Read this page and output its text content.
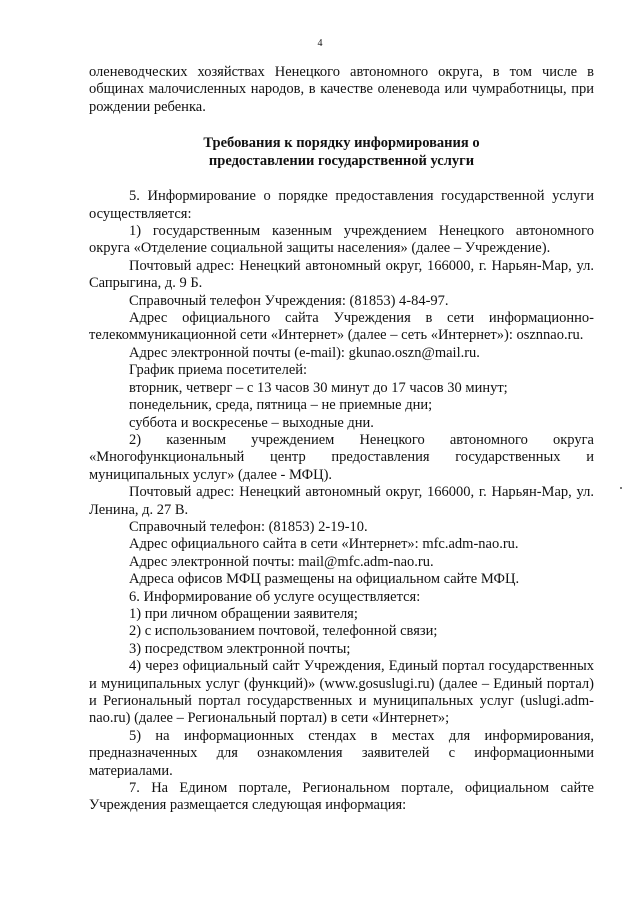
4

оленеводческих хозяйствах Ненецкого автономного округа, в том числе в общинах малочисленных народов, в качестве оленевода или чумработницы, при рождении ребенка.

Требования к порядку информирования о
предоставлении государственной услуги

5. Информирование о порядке предоставления государственной услуги осуществляется:

1) государственным казенным учреждением Ненецкого автономного округа «Отделение социальной защиты населения» (далее – Учреждение).

Почтовый адрес: Ненецкий автономный округ, 166000, г. Нарьян-Мар, ул. Сапрыгина, д. 9 Б.

Справочный телефон Учреждения: (81853) 4-84-97.

Адрес официального сайта Учреждения в сети информационно-телекоммуникационной сети «Интернет» (далее – сеть «Интернет»): osznnao.ru.

Адрес электронной почты (e-mail): gkunao.oszn@mail.ru.

График приема посетителей:

вторник, четверг – с 13 часов 30 минут до 17 часов 30 минут;

понедельник, среда, пятница – не приемные дни;

суббота и воскресенье – выходные дни.

2) казенным учреждением Ненецкого автономного округа «Многофункциональный центр предоставления государственных и муниципальных услуг» (далее - МФЦ).

Почтовый адрес: Ненецкий автономный округ, 166000, г. Нарьян-Мар, ул. Ленина, д. 27 В.

Справочный телефон: (81853) 2-19-10.

Адрес официального сайта в сети «Интернет»: mfc.adm-nao.ru.

Адрес электронной почты: mail@mfc.adm-nao.ru.

Адреса офисов МФЦ размещены на официальном сайте МФЦ.

6. Информирование об услуге осуществляется:

1) при личном обращении заявителя;

2) с использованием почтовой, телефонной связи;

3) посредством электронной почты;

4) через официальный сайт Учреждения, Единый портал государственных и муниципальных услуг (функций)» (www.gosuslugi.ru) (далее – Единый портал) и Региональный портал государственных и муниципальных услуг (uslugi.adm-nao.ru) (далее – Региональный портал) в сети «Интернет»;

5) на информационных стендах в местах для информирования, предназначенных для ознакомления заявителей с информационными материалами.

7. На Едином портале, Региональном портале, официальном сайте Учреждения размещается следующая информация:
